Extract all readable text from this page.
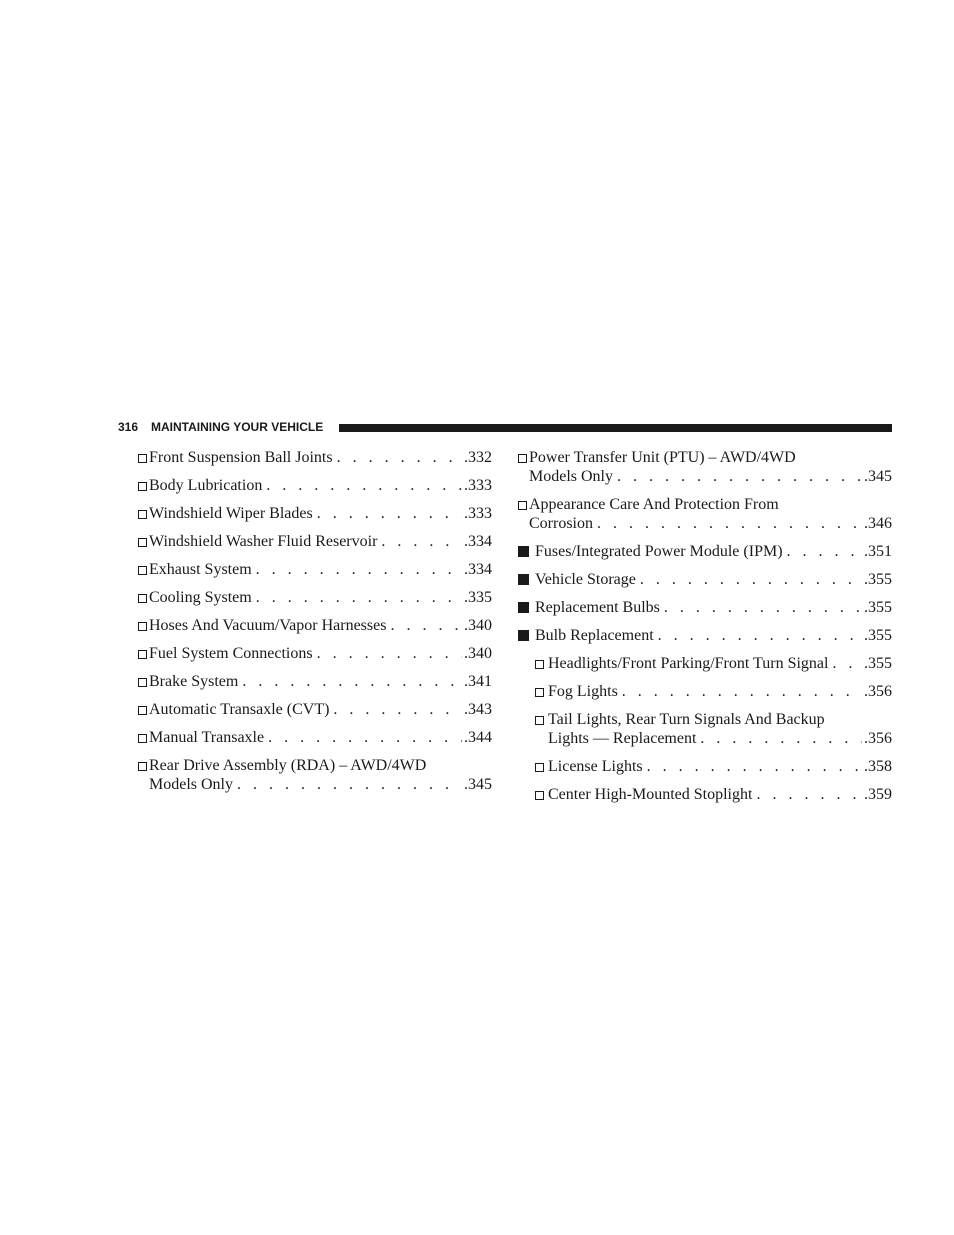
316 MAINTAINING YOUR VEHICLE
Front Suspension Ball Joints . . .	.332
Body Lubrication . . .	.333
Windshield Wiper Blades . . .	.333
Windshield Washer Fluid Reservoir . . .	.334
Exhaust System . . .	.334
Cooling System . . .	.335
Hoses And Vacuum/Vapor Harnesses . . .	.340
Fuel System Connections . . .	.340
Brake System . . .	.341
Automatic Transaxle (CVT) . . .	.343
Manual Transaxle . . .	.344
Rear Drive Assembly (RDA) – AWD/4WD
Models Only . . .	.345
Power Transfer Unit (PTU) – AWD/4WD
Models Only . . .	.345
Appearance Care And Protection From
Corrosion . . .	.346
Fuses/Integrated Power Module (IPM) . . .	.351
Vehicle Storage . . .	.355
Replacement Bulbs . . .	.355
Bulb Replacement . . .	.355
Headlights/Front Parking/Front Turn Signal . . . .355
Fog Lights . . .	.356
Tail Lights, Rear Turn Signals And Backup
Lights — Replacement . . .	.356
License Lights . . .	.358
Center High-Mounted Stoplight . . .	.359
